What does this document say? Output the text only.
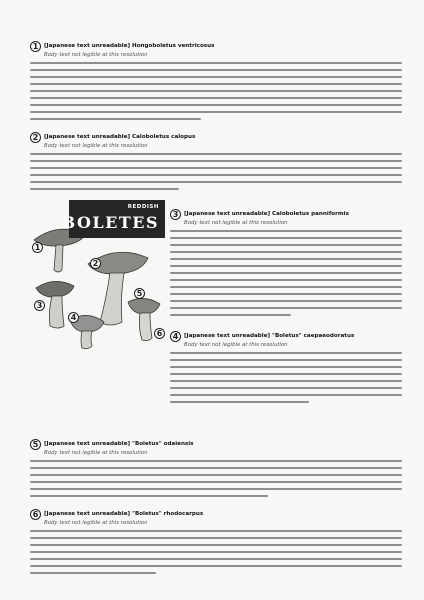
1	[Japanese text unreadable] Hongoboletus ventricosus
Body text not legible at this resolution
2	[Japanese text unreadable] Caloboletus calopus
Body text not legible at this resolution
3	[Japanese text unreadable] Caloboletus panniformis
Body text not legible at this resolution
4	[Japanese text unreadable] "Boletus" caepaeodoratus
Body text not legible at this resolution
5	[Japanese text unreadable] "Boletus" odaiensis
Body text not legible at this resolution
6	[Japanese text unreadable] "Boletus" rhodocarpus
Body text not legible at this resolution
REDDISH
BOLETES
1
2
3
4
5
6
